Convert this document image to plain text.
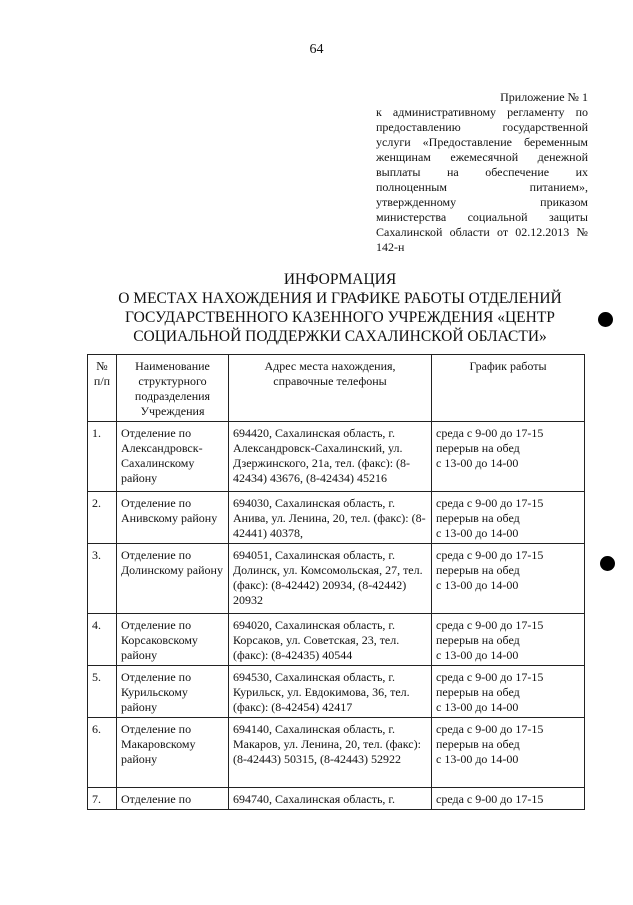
64
Приложение № 1
к административному регламенту по
предоставлению государственной
услуги «Предоставление беременным
женщинам ежемесячной денежной
выплаты на обеспечение их
полноценным питанием»,
утвержденному приказом
министерства социальной защиты
Сахалинской области от 02.12.2013 №
142-н
ИНФОРМАЦИЯ
О МЕСТАХ НАХОЖДЕНИЯ И ГРАФИКЕ РАБОТЫ ОТДЕЛЕНИЙ
ГОСУДАРСТВЕННОГО КАЗЕННОГО УЧРЕЖДЕНИЯ «ЦЕНТР
СОЦИАЛЬНОЙ ПОДДЕРЖКИ САХАЛИНСКОЙ ОБЛАСТИ»
№ п/п	Наименование структурного подразделения Учреждения	Адрес места нахождения, справочные телефоны	График работы
1.	Отделение по Александровск-Сахалинскому району	694420, Сахалинская область, г. Александровск-Сахалинский, ул. Дзержинского, 21а, тел. (факс): (8-42434) 43676, (8-42434) 45216	среда с 9-00 до 17-15
перерыв на обед
с 13-00 до 14-00

2.	Отделение по Анивскому району	694030, Сахалинская область, г. Анива, ул. Ленина, 20, тел. (факс): (8-42441) 40378,	среда с 9-00 до 17-15
перерыв на обед
с 13-00 до 14-00

3.	Отделение по Долинскому району	694051, Сахалинская область, г. Долинск, ул. Комсомольская, 27, тел. (факс): (8-42442) 20934, (8-42442) 20932	среда с 9-00 до 17-15
перерыв на обед
с 13-00 до 14-00

4.	Отделение по Корсаковскому району	694020, Сахалинская область, г. Корсаков, ул. Советская, 23, тел. (факс): (8-42435) 40544	среда с 9-00 до 17-15
перерыв на обед
с 13-00 до 14-00

5.	Отделение по Курильскому району	694530, Сахалинская область, г. Курильск, ул. Евдокимова, 36, тел. (факс): (8-42454) 42417	среда с 9-00 до 17-15
перерыв на обед
с 13-00 до 14-00

6.	Отделение по Макаровскому району	694140, Сахалинская область, г. Макаров, ул. Ленина, 20, тел. (факс): (8-42443) 50315, (8-42443) 52922	среда с 9-00 до 17-15
перерыв на обед
с 13-00 до 14-00

7.	Отделение по	694740, Сахалинская область, г.	среда с 9-00 до 17-15
